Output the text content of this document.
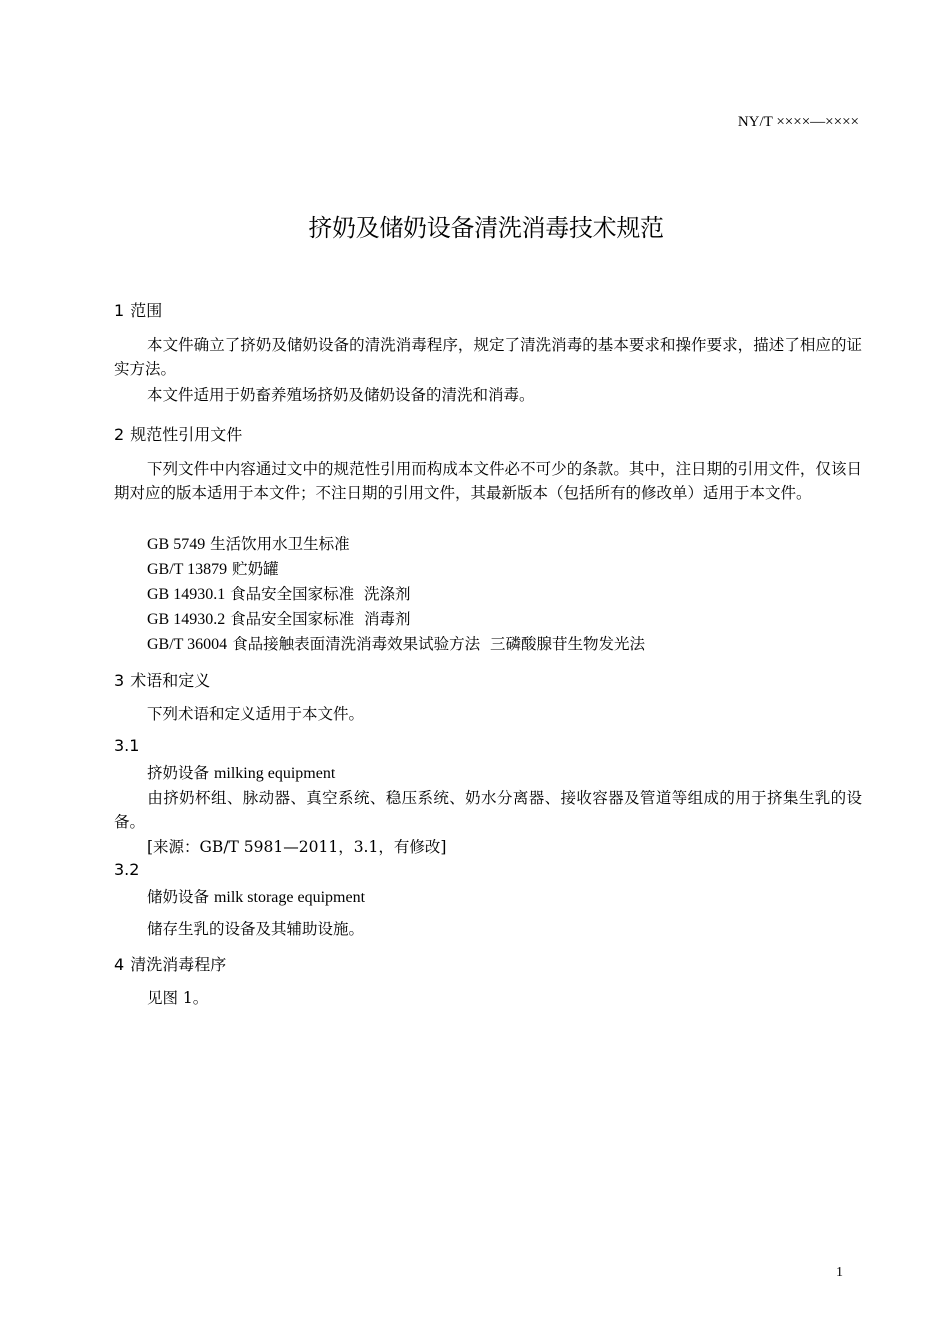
NY/T ××××—××××
挤奶及储奶设备清洗消毒技术规范
1 范围
本文件确立了挤奶及储奶设备的清洗消毒程序，规定了清洗消毒的基本要求和操作要求，描述了相应的证实方法。
本文件适用于奶畜养殖场挤奶及储奶设备的清洗和消毒。
2 规范性引用文件
下列文件中内容通过文中的规范性引用而构成本文件必不可少的条款。其中，注日期的引用文件，仅该日期对应的版本适用于本文件；不注日期的引用文件，其最新版本（包括所有的修改单）适用于本文件。
GB 5749 生活饮用水卫生标准
GB/T 13879 贮奶罐
GB 14930.1 食品安全国家标准  洗涤剂
GB 14930.2 食品安全国家标准  消毒剂
GB/T 36004 食品接触表面清洗消毒效果试验方法  三磷酸腺苷生物发光法
3 术语和定义
下列术语和定义适用于本文件。
3.1
挤奶设备 milking equipment
由挤奶杯组、脉动器、真空系统、稳压系统、奶水分离器、接收容器及管道等组成的用于挤集生乳的设备。
[来源：GB/T 5981—2011，3.1，有修改]
3.2
储奶设备 milk storage equipment
储存生乳的设备及其辅助设施。
4 清洗消毒程序
见图 1。
1
